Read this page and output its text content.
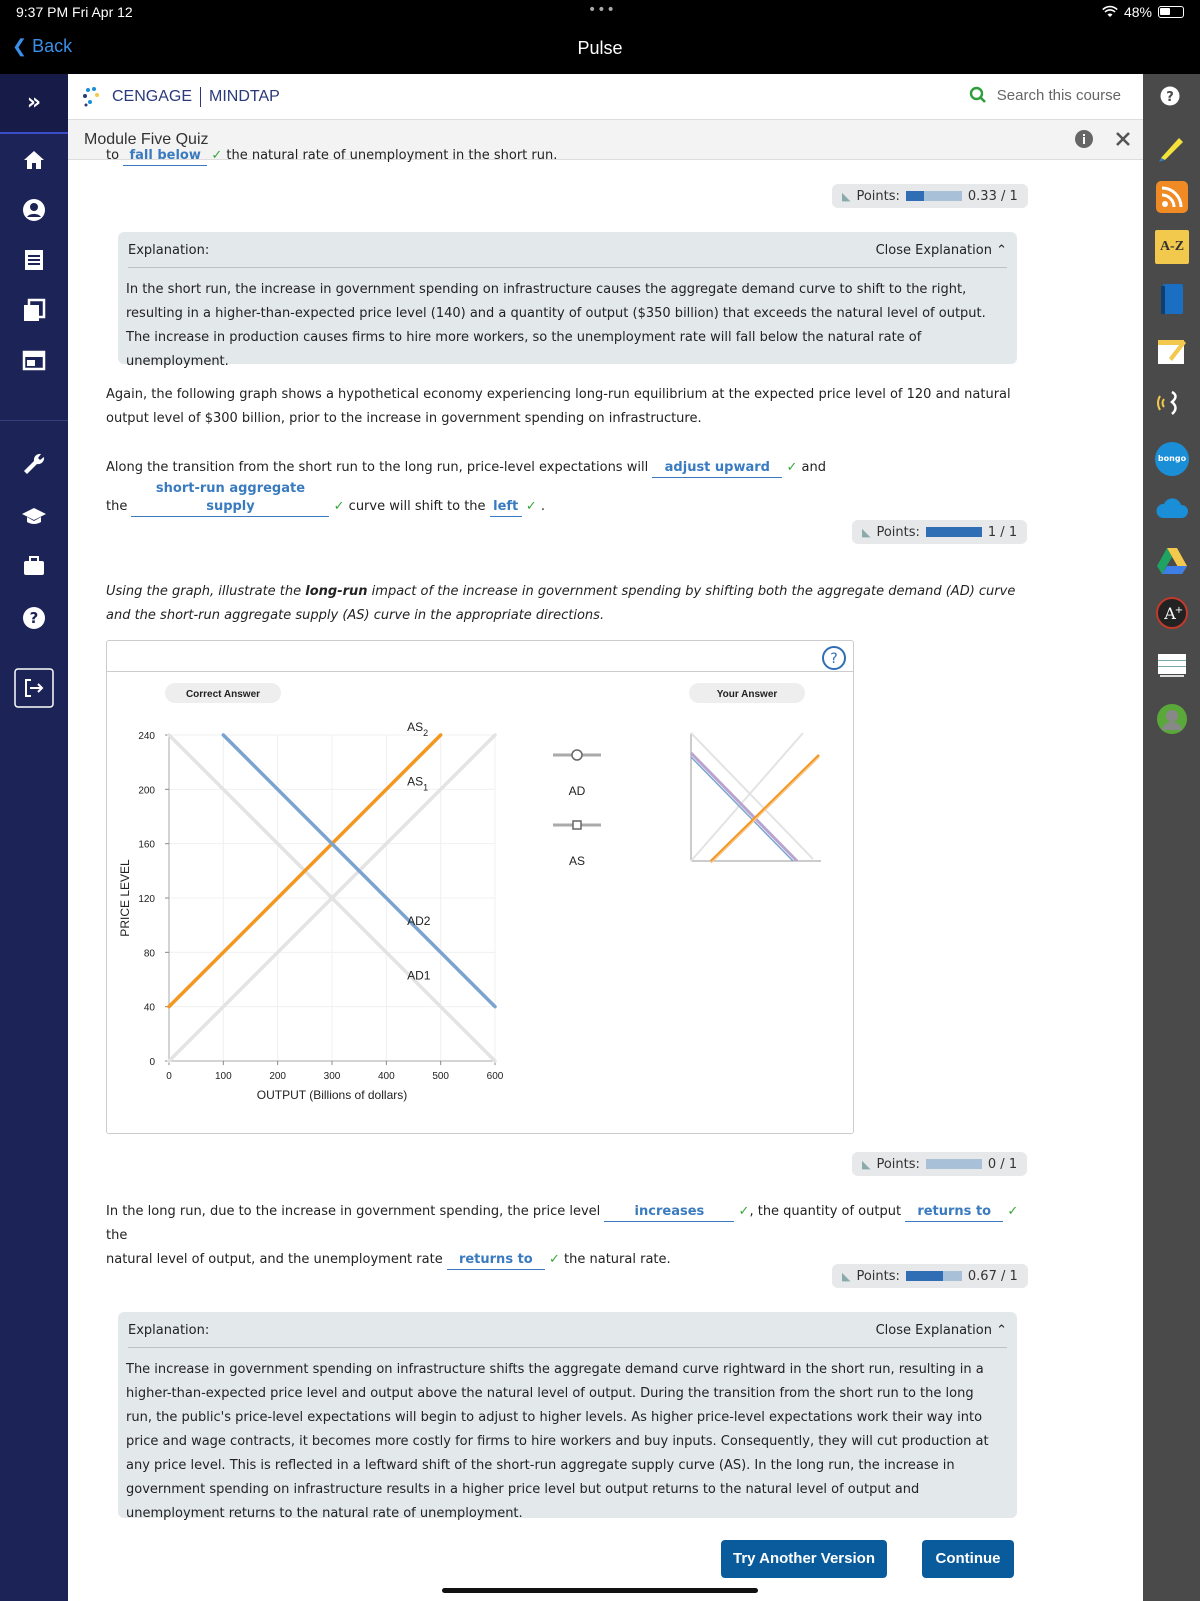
9:37 PM Fri Apr 12	•••	48%
❮ Back	Pulse
»
?
A-Z
bongo
A +
CENGAGE MINDTAP	Search this course	?
Module Five Quiz
to fall below ✓ the natural rate of unemployment in the short run.
◣ Points:	0.33 / 1
Explanation:	Close Explanation ⌃
In the short run, the increase in government spending on infrastructure causes the aggregate demand curve to shift to the right, resulting in a higher-than-expected price level (140) and a quantity of output ($350 billion) that exceeds the natural level of output. The increase in production causes firms to hire more workers, so the unemployment rate will fall below the natural rate of unemployment.
Again, the following graph shows a hypothetical economy experiencing long-run equilibrium at the expected price level of 120 and natural output level of $300 billion, prior to the increase in government spending on infrastructure.
Along the transition from the short run to the long run, price-level expectations will adjust upward ✓ and
the short-run aggregate supply	✓ curve will shift to the left ✓ .
◣ Points:	1 / 1
Using the graph, illustrate the long-run impact of the increase in government spending by shifting both the aggregate demand (AD) curve and the short-run aggregate supply (AS) curve in the appropriate directions.
?
Correct Answer	Your Answer
0	100	200	300	400	500	600
0
40
80
120
160
200
240
OUTPUT (Billions of dollars)
PRICE LEVEL
$AS_1$
AD1
$AS_2$
AD2
AD
AS
◣ Points:	0 / 1
In the long run, due to the increase in government spending, the price level	increases	✓, the quantity of output returns to ✓ the
natural level of output, and the unemployment rate returns to ✓ the natural rate.
◣ Points:	0.67 / 1
Explanation:	Close Explanation ⌃
The increase in government spending on infrastructure shifts the aggregate demand curve rightward in the short run, resulting in a higher-than-expected price level and output above the natural level of output. During the transition from the short run to the long run, the public's price-level expectations will begin to adjust to higher levels. As higher price-level expectations work their way into price and wage contracts, it becomes more costly for firms to hire workers and buy inputs. Consequently, they will cut production at any price level. This is reflected in a leftward shift of the short-run aggregate supply curve (AS). In the long run, the increase in government spending on infrastructure results in a higher price level but output returns to the natural level of output and unemployment returns to the natural rate of unemployment.
Try Another Version	Continue
